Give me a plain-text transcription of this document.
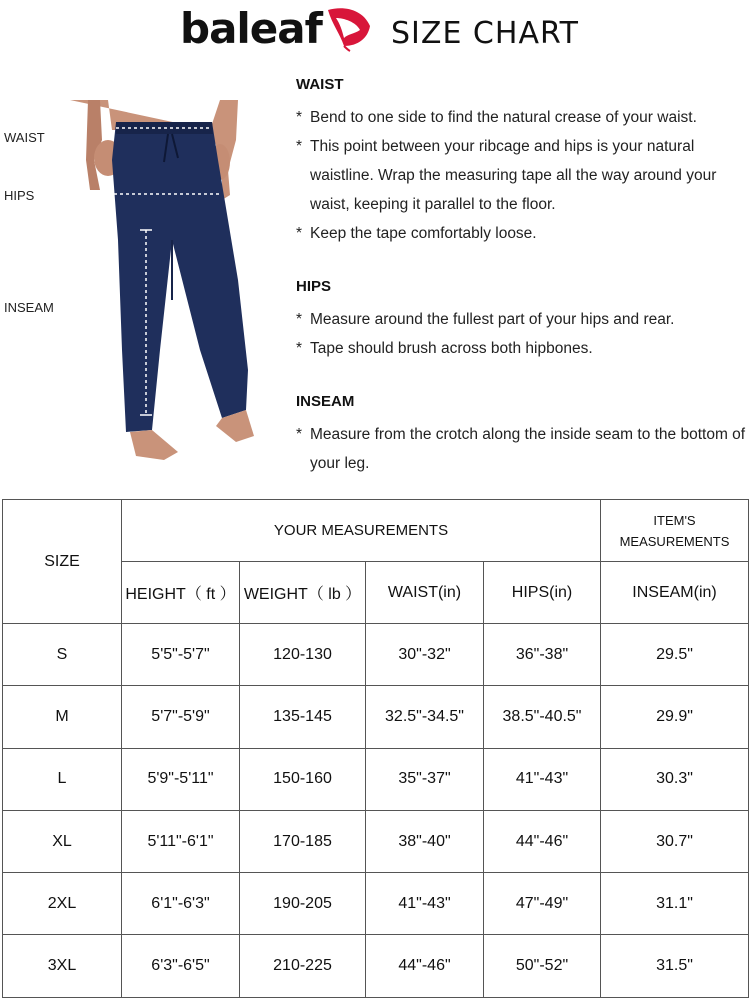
baleaf SIZE CHART
WAIST
HIPS
INSEAM
WAIST

* Bend to one side to find the natural crease of your waist.

* This point between your ribcage and hips is your natural waistline. Wrap the measuring tape all the way around your waist, keeping it parallel to the floor.

* Keep the tape comfortably loose.

HIPS

* Measure around the fullest part of your hips and rear.

* Tape should brush across both hipbones.

INSEAM

* Measure from the crotch along the inside seam to the bottom of your leg.

SIZE	YOUR MEASUREMENTS				ITEM'S MEASUREMENTS
	HEIGHT（ ft ）	WEIGHT（ lb ）	WAIST(in)	HIPS(in)	INSEAM(in)
S	5'5"-5'7"	120-130	30"-32"	36"-38"	29.5"
M	5'7"-5'9"	135-145	32.5"-34.5"	38.5"-40.5"	29.9"
L	5'9"-5'11"	150-160	35"-37"	41"-43"	30.3"
XL	5'11"-6'1"	170-185	38"-40"	44"-46"	30.7"
2XL	6'1"-6'3"	190-205	41"-43"	47"-49"	31.1"
3XL	6'3"-6'5"	210-225	44"-46"	50"-52"	31.5"
